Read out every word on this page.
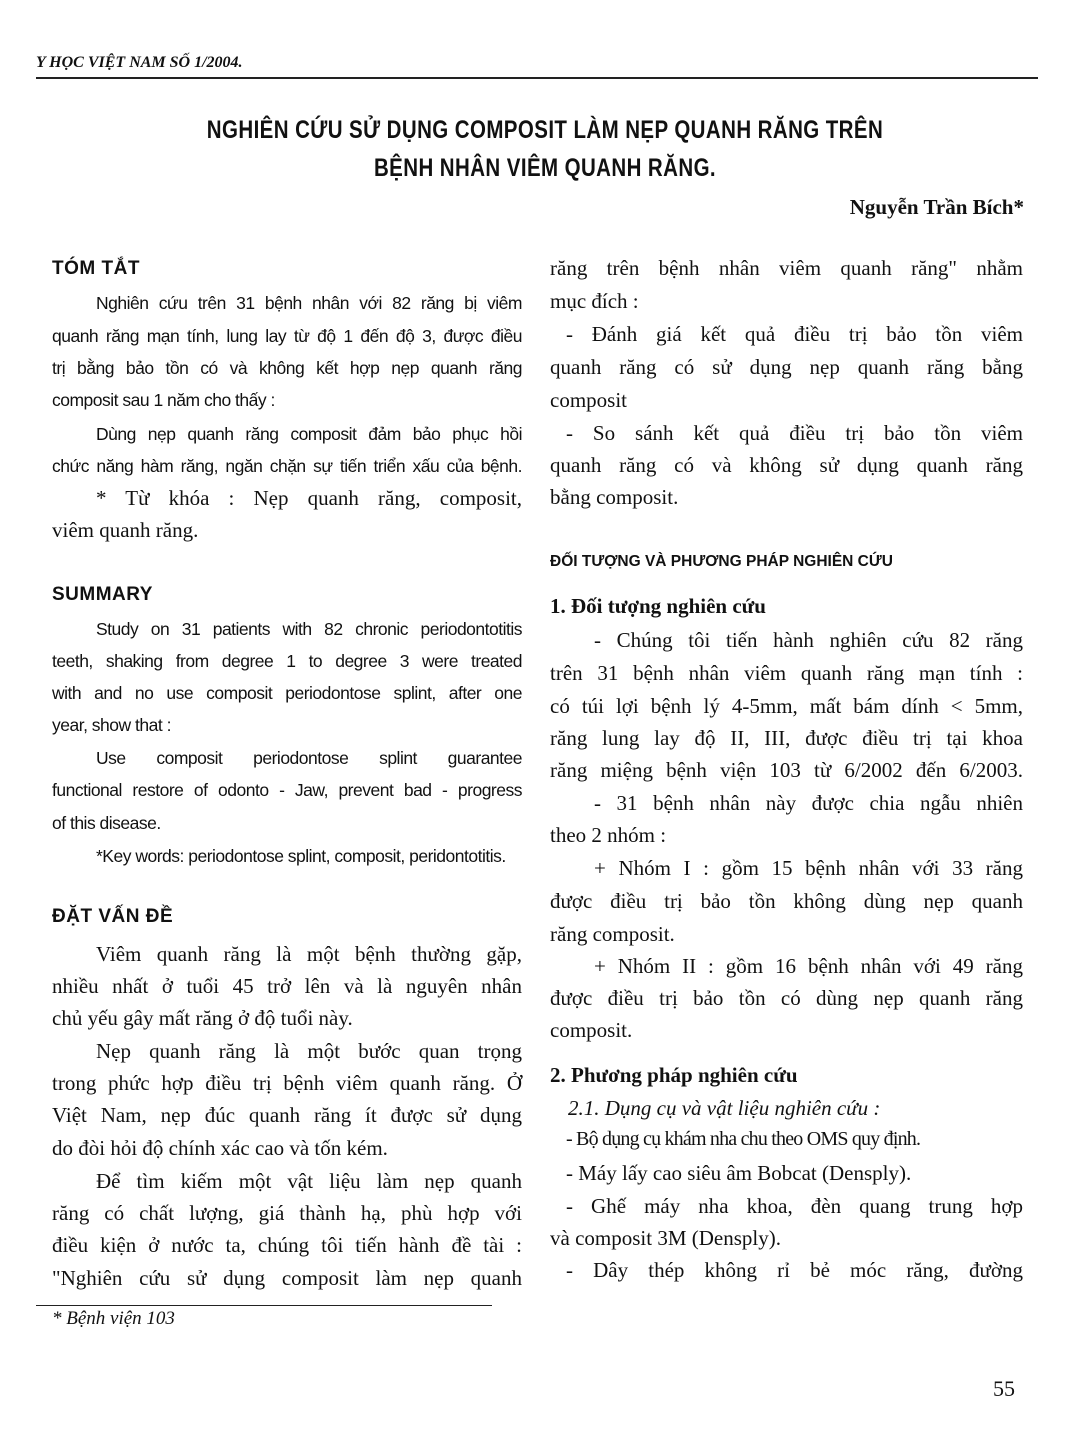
Y HỌC VIỆT NAM SỐ 1/2004.
NGHIÊN CỨU SỬ DỤNG COMPOSIT LÀM NẸP QUANH RĂNG TRÊN
BỆNH NHÂN VIÊM QUANH RĂNG.
Nguyễn Trần Bích*
TÓM TẮT
Nghiên cứu trên 31 bệnh nhân với 82 răng bị viêm
quanh răng mạn tính, lung lay từ độ 1 đến độ 3, được điều
trị bằng bảo tồn có và không kết hợp nẹp quanh răng
composit sau 1 năm cho thấy :
Dùng nẹp quanh răng composit đảm bảo phục hồi
chức năng hàm răng, ngăn chặn sự tiến triển xấu của bệnh.
* Từ khóa : Nẹp quanh răng, composit,
viêm quanh răng.
SUMMARY
Study on 31 patients with 82 chronic periodontotitis
teeth, shaking from degree 1 to degree 3 were treated
with and no use composit periodontose splint, after one
year, show that :
Use composit periodontose splint guarantee
functional restore of odonto - Jaw, prevent bad - progress
of this disease.
*Key words: periodontose splint, composit, peridontotitis.
ĐẶT VẤN ĐỀ
Viêm quanh răng là một bệnh thường gặp,
nhiều nhất ở tuổi 45 trở lên và là nguyên nhân
chủ yếu gây mất răng ở độ tuổi này.
Nẹp quanh răng là một bước quan trọng
trong phức hợp điều trị bệnh viêm quanh răng. Ở
Việt Nam, nẹp đúc quanh răng ít được sử dụng
do đòi hỏi độ chính xác cao và tốn kém.
Để tìm kiếm một vật liệu làm nẹp quanh
răng có chất lượng, giá thành hạ, phù hợp với
điều kiện ở nước ta, chúng tôi tiến hành đề tài :
"Nghiên cứu sử dụng composit làm nẹp quanh
răng trên bệnh nhân viêm quanh răng" nhằm
mục đích :
- Đánh giá kết quả điều trị bảo tồn viêm
quanh răng có sử dụng nẹp quanh răng bằng
composit
- So sánh kết quả điều trị bảo tồn viêm
quanh răng có và không sử dụng quanh răng
bằng composit.
ĐỐI TƯỢNG VÀ PHƯƠNG PHÁP NGHIÊN CỨU
1. Đối tượng nghiên cứu
- Chúng tôi tiến hành nghiên cứu 82 răng
trên 31 bệnh nhân viêm quanh răng mạn tính :
có túi lợi bệnh lý 4-5mm, mất bám dính < 5mm,
răng lung lay độ II, III, được điều trị tại khoa
răng miệng bệnh viện 103 từ 6/2002 đến 6/2003.
- 31 bệnh nhân này được chia ngẫu nhiên
theo 2 nhóm :
+ Nhóm I : gồm 15 bệnh nhân với 33 răng
được điều trị bảo tồn không dùng nẹp quanh
răng composit.
+ Nhóm II : gồm 16 bệnh nhân với 49 răng
được điều trị bảo tồn có dùng nẹp quanh răng
composit.
2. Phương pháp nghiên cứu
2.1. Dụng cụ và vật liệu nghiên cứu :
- Bộ dụng cụ khám nha chu theo OMS quy định.
- Máy lấy cao siêu âm Bobcat (Densply).
- Ghế máy nha khoa, đèn quang trung hợp
và composit 3M (Densply).
- Dây thép không rỉ bẻ móc răng, đường
* Bệnh viện 103
55
